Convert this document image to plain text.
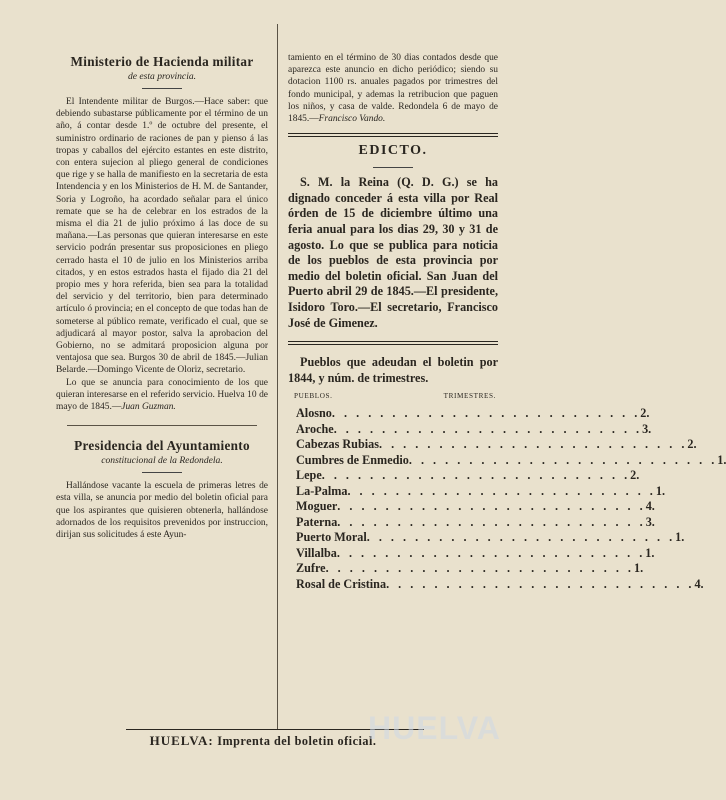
Ministerio de Hacienda militar
de esta provincia.

El Intendente militar de Burgos.—Hace saber: que debiendo subastarse públicamente por el término de un año, á contar desde 1.º de octubre del presente, el suministro ordinario de raciones de pan y pienso á las tropas y caballos del ejército estantes en este distrito, con entera sujecion al pliego general de condiciones que rige y se halla de manifiesto en la secretaria de esta Intendencia y en los Ministerios de H. M. de Santander, Soria y Logroño, ha acordado señalar para el único remate que se ha de celebrar en los estrados de la misma el dia 21 de julio próximo á las doce de su mañana.—Las personas que quieran interesarse en este servicio podrán presentar sus proposiciones en pliego cerrado hasta el 10 de julio en los Ministerios arriba citados, y en estos estrados hasta el fijado dia 21 del propio mes y hora referida, bien sea para la totalidad del servicio y del territorio, bien para determinado artículo ó provincia; en el concepto de que todas han de someterse al público remate, verificado el cual, que se adjudicará al mayor postor, salva la aprobacion del Gobierno, no se admitará proposicion alguna por ventajosa que sea. Burgos 30 de abril de 1845.—Julian Belarde.—Domingo Vicente de Oloriz, secretario.

Lo que se anuncia para conocimiento de los que quieran interesarse en el referido servicio. Huelva 10 de mayo de 1845.—Juan Guzman.

Presidencia del Ayuntamiento
constitucional de la Redondela.

Hallándose vacante la escuela de primeras letres de esta villa, se anuncia por medio del boletin oficial para que los aspirantes que quisieren obtenerla, hallándose adornados de los requisitos prevenidos por instruccion, dirijan sus solicitudes á este Ayun-

tamiento en el término de 30 dias contados desde que aparezca este anuncio en dicho periódico; siendo su dotacion 1100 rs. anuales pagados por trimestres del fondo municipal, y ademas la retribucion que paguen los niños, y casa de valde. Redondela 6 de mayo de 1845.—Francisco Vando.

EDICTO.

S. M. la Reina (Q. D. G.) se ha dignado conceder á esta villa por Real órden de 15 de diciembre último una feria anual para los dias 29, 30 y 31 de agosto. Lo que se publica para noticia de los pueblos de esta provincia por medio del boletin oficial. San Juan del Puerto abril 29 de 1845.—El presidente, Isidoro Toro.—El secretario, Francisco José de Gimenez.

Pueblos que adeudan el boletin por 1844, y núm. de trimestres.

PUEBLOS.	TRIMESTRES.
Alosno . . . . . . . . . . . . . . . . . . . . . . . . . . 2.
Aroche . . . . . . . . . . . . . . . . . . . . . . . . . . 3.
Cabezas Rubias . . . . . . . . . . . . . . . . . . . . . . . . . . 2.
Cumbres de Enmedio . . . . . . . . . . . . . . . . . . . . . . . . . . 1.
Lepe . . . . . . . . . . . . . . . . . . . . . . . . . . 2.
La-Palma . . . . . . . . . . . . . . . . . . . . . . . . . . 1.
Moguer . . . . . . . . . . . . . . . . . . . . . . . . . . 4.
Paterna . . . . . . . . . . . . . . . . . . . . . . . . . . 3.
Puerto Moral . . . . . . . . . . . . . . . . . . . . . . . . . . 1.
Villalba . . . . . . . . . . . . . . . . . . . . . . . . . . 1.
Zufre . . . . . . . . . . . . . . . . . . . . . . . . . . 1.
Rosal de Cristina . . . . . . . . . . . . . . . . . . . . . . . . . . 4.
HUELVA: Imprenta del boletin oficial.
HUELVA
